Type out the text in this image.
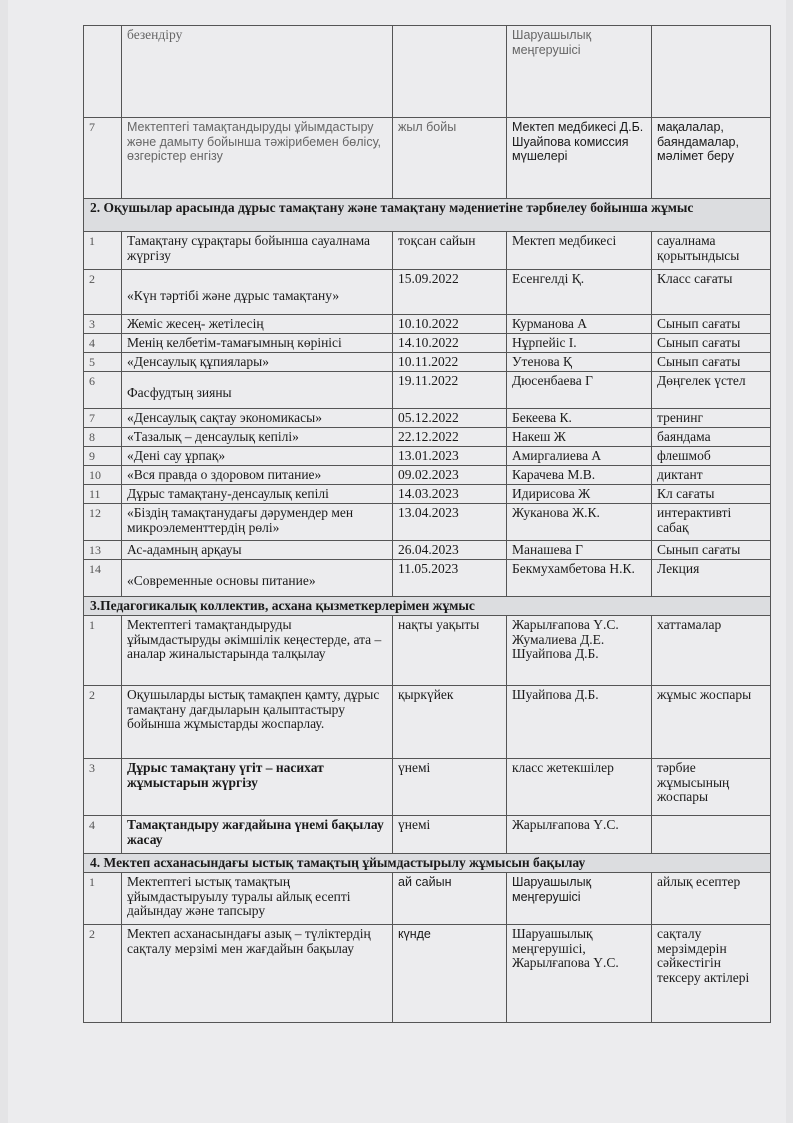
	безендіру		Шаруашылық меңгерушісі	
7	Мектептегі тамақтандыруды ұйымдастыру және дамыту бойынша тәжірибемен бөлісу, өзгерістер енгізу	жыл бойы	Мектеп медбикесі Д.Б. Шуайпова комиссия мүшелері	мақалалар, баяндамалар, мәлімет беру
2. Оқушылар арасында дұрыс тамақтану және тамақтану мәдениетіне тәрбиелеу бойынша жұмыс				
1	Тамақтану сұрақтары бойынша сауалнама жүргізу	тоқсан сайын	Мектеп медбикесі	сауалнама қорытындысы
2	«Күн тәртібі және дұрыс тамақтану»	15.09.2022	Есенгелді Қ.	Класс сағаты
3	Жеміс жесең- жетілесің	10.10.2022	Курманова А	Сынып сағаты
4	Менің келбетім-тамағымның көрінісі	14.10.2022	Нұрпейіс І.	Сынып сағаты
5	«Денсаулық құпиялары»	10.11.2022	Утенова Қ	Сынып сағаты
6	Фасфудтың зияны	19.11.2022	Дюсенбаева Г	Дөңгелек үстел
7	«Денсаулық сақтау экономикасы»	05.12.2022	Бекеева К.	тренинг
8	«Тазалық – денсаулық кепілі»	22.12.2022	Накеш Ж	баяндама
9	«Дені сау ұрпақ»	13.01.2023	Амиргалиева А	флешмоб
10	«Вся правда о здоровом питание»	09.02.2023	Карачева М.В.	диктант
11	Дұрыс тамақтану-денсаулық кепілі	14.03.2023	Идирисова Ж	Кл сағаты
12	«Біздің тамақтанудағы дәрумендер мен микроэлементтердің рөлі»	13.04.2023	Жуканова Ж.К.	интерактивті сабақ
13	Ас-адамның арқауы	26.04.2023	Манашева Г	Сынып сағаты
14	«Современные основы питание»	11.05.2023	Бекмухамбетова Н.К.	Лекция
3.Педагогикалық коллектив, асхана қызметкерлерімен жұмыс				
1	Мектептегі тамақтандыруды ұйымдастыруды әкімшілік кеңестерде, ата – аналар жиналыстарында талқылау	нақты уақыты	Жарылғапова Ү.С. Жумалиева Д.Е. Шуайпова Д.Б.	хаттамалар
2	Оқушыларды ыстық тамақпен қамту, дұрыс тамақтану дағдыларын қалыптастыру бойынша жұмыстарды жоспарлау.	қыркүйек	Шуайпова Д.Б.	жұмыс жоспары
3	Дұрыс тамақтану үгіт – насихат жұмыстарын жүргізу	үнемі	класс жетекшілер	тәрбие жұмысының жоспары
4	Тамақтандыру жағдайына үнемі бақылау жасау	үнемі	Жарылғапова Ү.С.	
4. Мектеп асханасындағы ыстық тамақтың ұйымдастырылу жұмысын бақылау				
1	Мектептегі ыстық тамақтың ұйымдастыруылу туралы айлық есепті дайындау және тапсыру	ай сайын	Шаруашылық меңгерушісі	айлық есептер
2	Мектеп асханасындағы азық – түліктердің сақталу мерзімі мен жағдайын бақылау	күнде	Шаруашылық меңгерушісі, Жарылғапова Ү.С.	сақталу мерзімдерін сәйкестігін тексеру актілері
